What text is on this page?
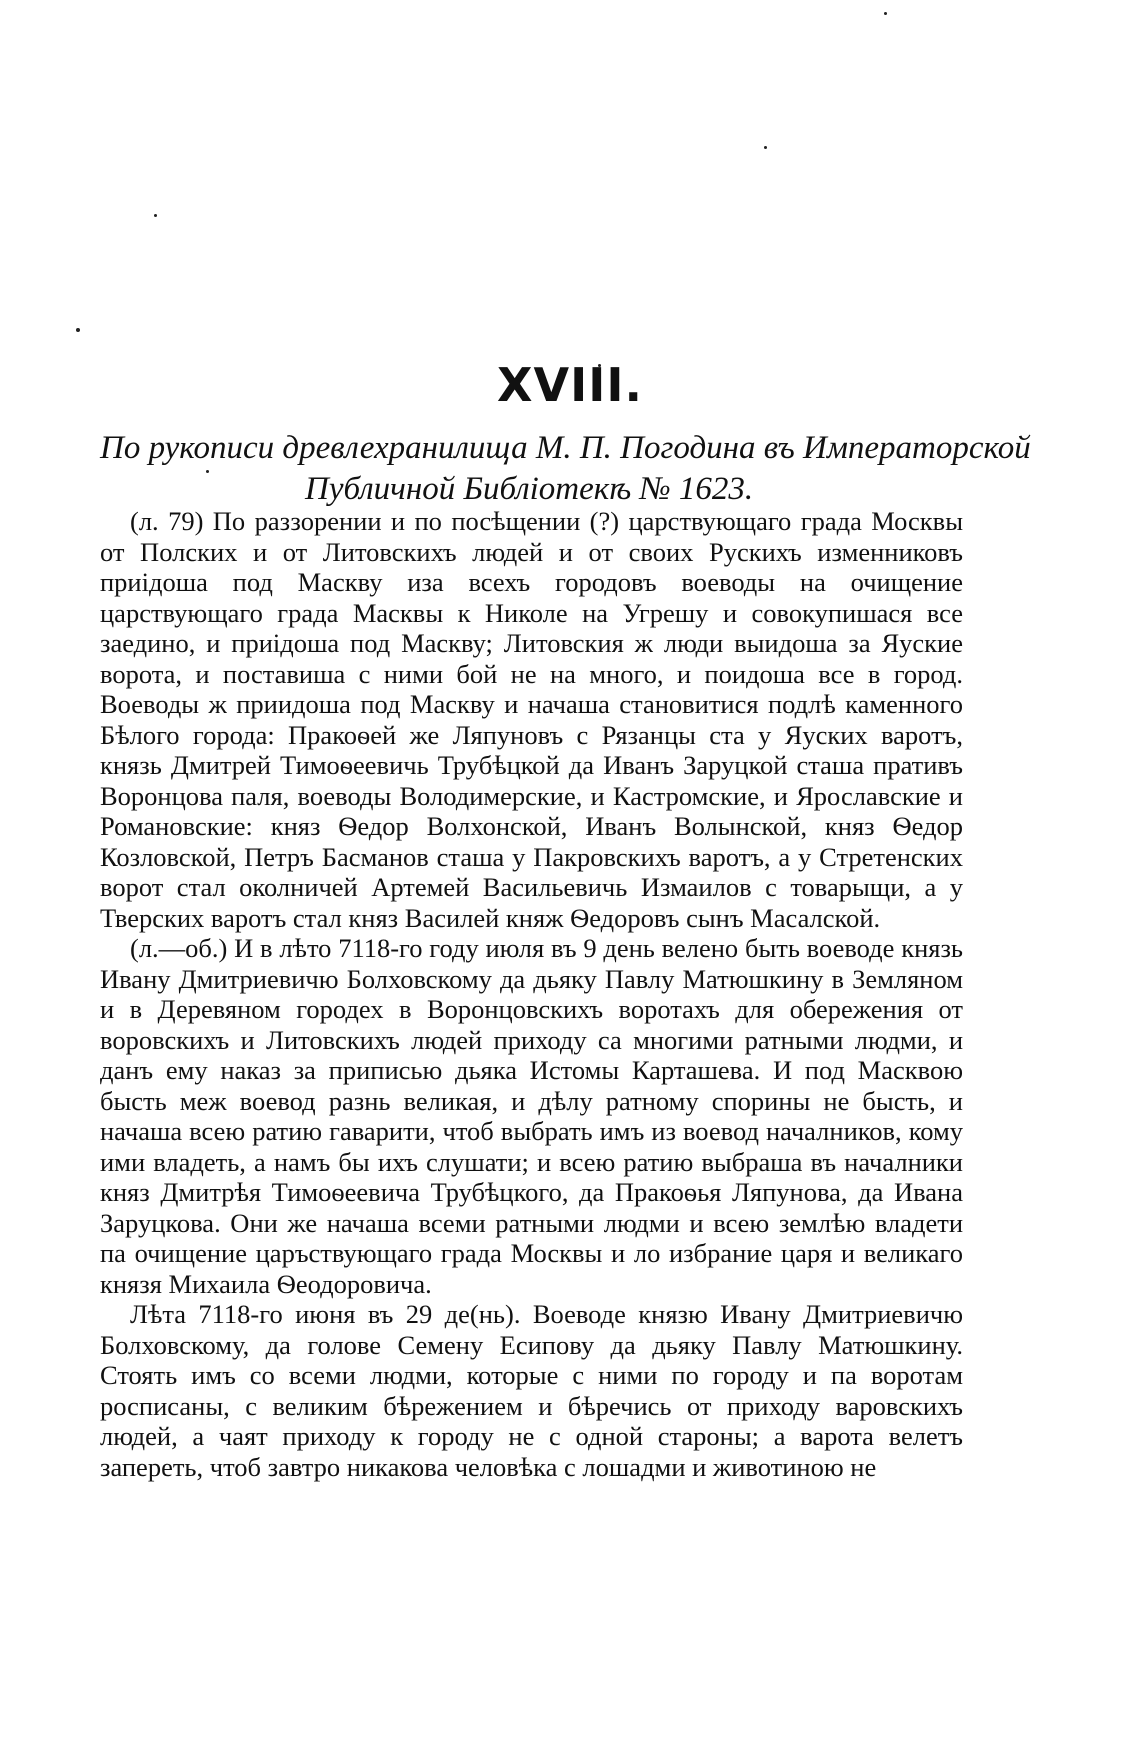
XVIII.
По рукописи древлехранилища М. П. Погодина въ Императорской
Публичной Библіотекѣ № 1623.

(л. 79) По раззорении и по посѣщении (?) царствующаго града Москвы от Полских и от Литовскихъ людей и от своих Рускихъ изменниковъ приідоша под Маскву иза всехъ городовъ воеводы на очищение царствующаго града Масквы к Николе на Угрешу и совокупишася все заедино, и приідоша под Маскву; Литовския ж люди выидоша за Яуские ворота, и поставиша с ними бой не на много, и поидоша все в город. Воеводы ж приидоша под Маскву и начаша становитися подлѣ каменного Бѣлого города: Пракоѳей же Ляпуновъ с Рязанцы ста у Яуских варотъ, князь Дмитрей Тимоѳеевичь Трубѣцкой да Иванъ Заруцкой сташа пративъ Воронцова паля, воеводы Володимерские, и Кастромские, и Ярославские и Романовские: княз Ѳедор Волхонской, Иванъ Волынской, княз Ѳедор Козловской, Петръ Басманов сташа у Пакровскихъ варотъ, а у Стретенских ворот стал околничей Артемей Васильевичь Измаилов с товарыщи, а у Тверских варотъ стал княз Василей княж Ѳедоровъ сынъ Масалской.

(л.—об.) И в лѣто 7118-го году июля въ 9 день велено быть воеводе князь Ивану Дмитриевичю Болховскому да дьяку Павлу Матюшкину в Земляном и в Деревяном городех в Воронцовскихъ воротахъ для обережения от воровскихъ и Литовскихъ людей приходу са многими ратными людми, и данъ ему наказ за приписью дьяка Истомы Карташева. И под Масквою бысть меж воевод разнь великая, и дѣлу ратному спорины не бысть, и начаша всею ратию гаварити, чтоб выбрать имъ из воевод началников, кому ими владеть, а намъ бы ихъ слушати; и всею ратию выбраша въ началники княз Дмитрѣя Тимоѳеевича Трубѣцкого, да Пракоѳья Ляпунова, да Ивана Заруцкова. Они же начаша всеми ратными людми и всею землѣю владети па очищение царъствующаго града Москвы и ло избрание царя и великаго князя Михаила Ѳеодоровича.

Лѣта 7118-го июня въ 29 де(нь). Воеводе князю Ивану Дмитриевичю Болховскому, да голове Семену Есипову да дьяку Павлу Матюшкину. Стоять имъ со всеми людми, которые с ними по городу и па воротам росписаны, с великим бѣрежением и бѣречись от приходу варовскихъ людей, а чаят приходу к городу не с одной староны; а варота велетъ запереть, чтоб завтро никакова человѣка с лошадми и животиною не
